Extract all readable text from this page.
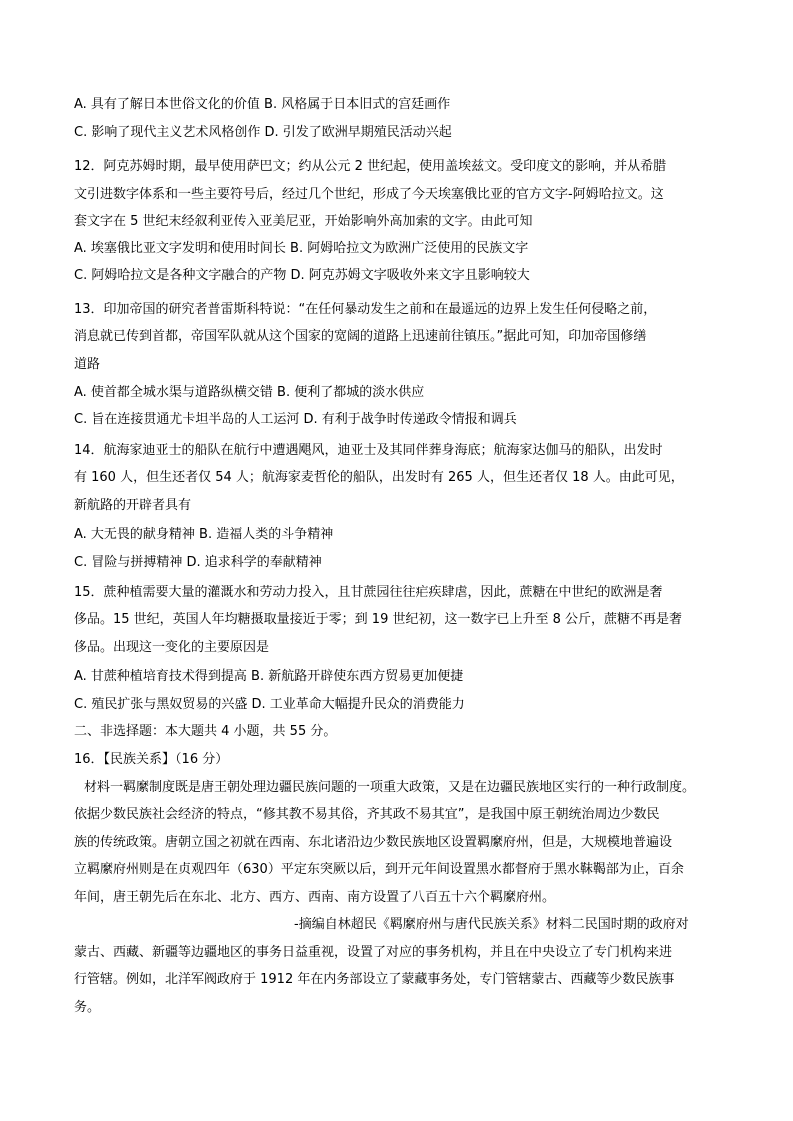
A. 具有了解日本世俗文化的价值 B. 风格属于日本旧式的宫廷画作
C. 影响了现代主义艺术风格创作 D. 引发了欧洲早期殖民活动兴起
12．阿克苏姆时期，最早使用萨巴文；约从公元 2 世纪起，使用盖埃兹文。受印度文的影响，并从希腊
文引进数字体系和一些主要符号后，经过几个世纪，形成了今天埃塞俄比亚的官方文字-阿姆哈拉文。这
套文字在 5 世纪末经叙利亚传入亚美尼亚，开始影响外高加索的文字。由此可知
A. 埃塞俄比亚文字发明和使用时间长 B. 阿姆哈拉文为欧洲广泛使用的民族文字
C. 阿姆哈拉文是各种文字融合的产物 D. 阿克苏姆文字吸收外来文字且影响较大
13．印加帝国的研究者普雷斯科特说：“在任何暴动发生之前和在最遥远的边界上发生任何侵略之前，
消息就已传到首都，帝国军队就从这个国家的宽阔的道路上迅速前往镇压。”据此可知，印加帝国修缮
道路
A. 使首都全城水渠与道路纵横交错 B. 便利了都城的淡水供应
C. 旨在连接贯通尤卡坦半岛的人工运河 D. 有利于战争时传递政令情报和调兵
14．航海家迪亚士的船队在航行中遭遇飓风，迪亚士及其同伴葬身海底；航海家达伽马的船队，出发时
有 160 人，但生还者仅 54 人；航海家麦哲伦的船队，出发时有 265 人，但生还者仅 18 人。由此可见，
新航路的开辟者具有
A. 大无畏的献身精神 B. 造福人类的斗争精神
C. 冒险与拼搏精神 D. 追求科学的奉献精神
15．蔗种植需要大量的灌溉水和劳动力投入，且甘蔗园往往疟疾肆虐，因此，蔗糖在中世纪的欧洲是奢
侈品。15 世纪，英国人年均糖摄取量接近于零；到 19 世纪初，这一数字已上升至 8 公斤，蔗糖不再是奢
侈品。出现这一变化的主要原因是
A. 甘蔗种植培育技术得到提高 B. 新航路开辟使东西方贸易更加便捷
C. 殖民扩张与黑奴贸易的兴盛 D. 工业革命大幅提升民众的消费能力
二、非选择题：本大题共 4 小题，共 55 分。
16．【民族关系】（16 分）
材料一羁縻制度既是唐王朝处理边疆民族问题的一项重大政策，又是在边疆民族地区实行的一种行政制度。
依据少数民族社会经济的特点，“修其教不易其俗，齐其政不易其宜”，是我国中原王朝统治周边少数民
族的传统政策。唐朝立国之初就在西南、东北诸沿边少数民族地区设置羁縻府州，但是，大规模地普遍设
立羁縻府州则是在贞观四年（630）平定东突厥以后，到开元年间设置黑水都督府于黑水靺鞨部为止，百余
年间，唐王朝先后在东北、北方、西方、西南、南方设置了八百五十六个羁縻府州。
-摘编自林超民《羁縻府州与唐代民族关系》材料二民国时期的政府对
蒙古、西藏、新疆等边疆地区的事务日益重视，设置了对应的事务机构，并且在中央设立了专门机构来进
行管辖。例如，北洋军阀政府于 1912 年在内务部设立了蒙藏事务处，专门管辖蒙古、西藏等少数民族事
务。
